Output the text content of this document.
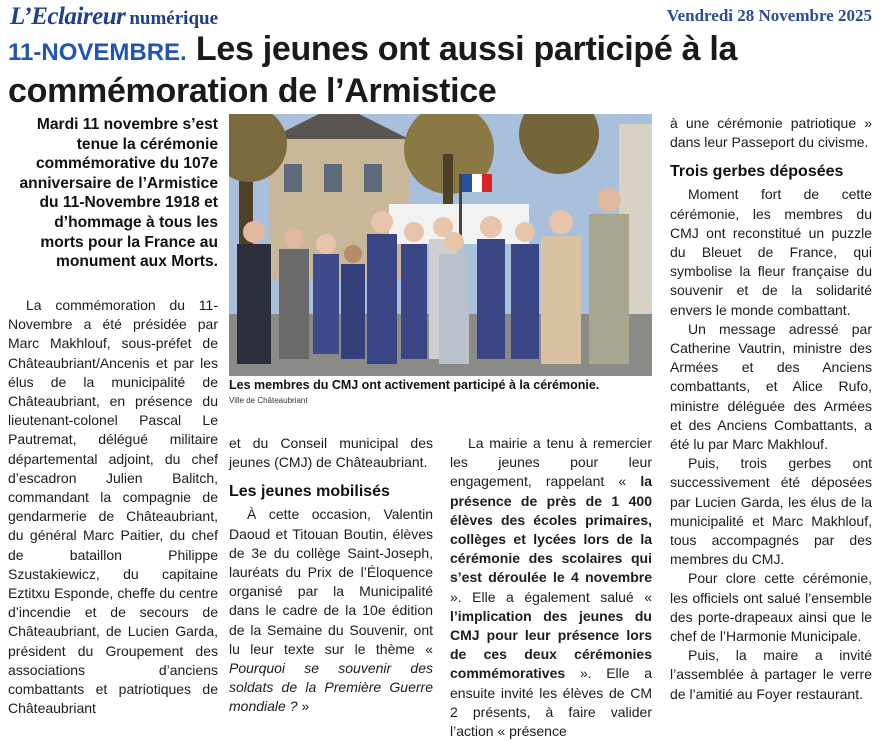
L’Eclaireur numérique	Vendredi 28 Novembre 2025
11-NOVEMBRE. Les jeunes ont aussi participé à la commémoration de l’Armistice

Mardi 11 novembre s’est tenue la cérémonie commémorative du 107e anniversaire de l’Armistice du 11-Novembre 1918 et d’hommage à tous les morts pour la France au monument aux Morts.

La commémoration du 11-Novembre a été présidée par Marc Makhlouf, sous-préfet de Châteaubriant/Ancenis et par les élus de la municipalité de Châteaubriant, en présence du lieutenant-colonel Pascal Le Pautremat, délégué militaire départemental adjoint, du chef d’escadron Julien Balitch, commandant la compagnie de gendarmerie de Châteaubriant, du général Marc Paitier, du chef de bataillon Philippe Szustakiewicz, du capitaine Eztitxu Esponde, cheffe du centre d’incendie et de secours de Châteaubriant, de Lucien Garda, président du Groupement des associations d’anciens combattants et patriotiques de Châteaubriant

Les membres du CMJ ont activement participé à la cérémonie.

Ville de Châteaubriant

et du Conseil municipal des jeunes (CMJ) de Châteaubriant.

Les jeunes mobilisés

À cette occasion, Valentin Daoud et Titouan Boutin, élèves de 3e du collège Saint-Joseph, lauréats du Prix de l’Éloquence organisé par la Municipalité dans le cadre de la 10e édition de la Semaine du Souvenir, ont lu leur texte sur le thème « Pourquoi se souvenir des soldats de la Première Guerre mondiale ? »

La mairie a tenu à remercier les jeunes pour leur engagement, rappelant « la présence de près de 1 400 élèves des écoles primaires, collèges et lycées lors de la cérémonie des scolaires qui s’est déroulée le 4 novembre ». Elle a également salué « l’implication des jeunes du CMJ pour leur présence lors de ces deux cérémonies commémoratives ». Elle a ensuite invité les élèves de CM 2 présents, à faire valider l’action « présence

à une cérémonie patriotique » dans leur Passeport du civisme.

Trois gerbes déposées

Moment fort de cette cérémonie, les membres du CMJ ont reconstitué un puzzle du Bleuet de France, qui symbolise la fleur française du souvenir et de la solidarité envers le monde combattant.

Un message adressé par Catherine Vautrin, ministre des Armées et des Anciens combattants, et Alice Rufo, ministre déléguée des Armées et des Anciens Combattants, a été lu par Marc Makhlouf.

Puis, trois gerbes ont successivement été déposées par Lucien Garda, les élus de la municipalité et Marc Makhlouf, tous accompagnés par des membres du CMJ.

Pour clore cette cérémonie, les officiels ont salué l’ensemble des porte-drapeaux ainsi que le chef de l’Harmonie Municipale.

Puis, la maire a invité l’assemblée à partager le verre de l’amitié au Foyer restaurant.
